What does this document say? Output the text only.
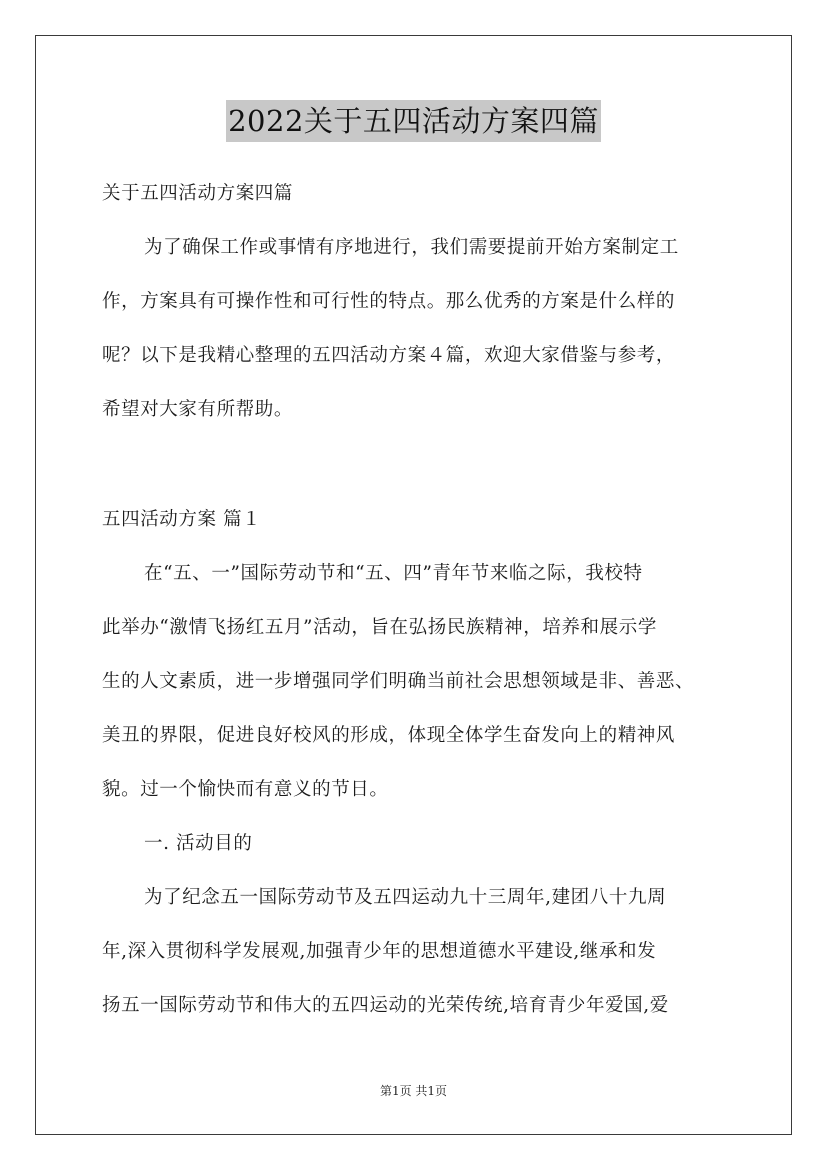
2022关于五四活动方案四篇
关于五四活动方案四篇
为了确保工作或事情有序地进行，我们需要提前开始方案制定工
作，方案具有可操作性和可行性的特点。那么优秀的方案是什么样的
呢？以下是我精心整理的五四活动方案４篇，欢迎大家借鉴与参考，
希望对大家有所帮助。
五四活动方案 篇１
在“五、一”国际劳动节和“五、四”青年节来临之际，我校特
此举办“激情飞扬红五月”活动，旨在弘扬民族精神，培养和展示学
生的人文素质，进一步增强同学们明确当前社会思想领域是非、善恶、
美丑的界限，促进良好校风的形成，体现全体学生奋发向上的精神风
貌。过一个愉快而有意义的节日。
一. 活动目的
为了纪念五一国际劳动节及五四运动九十三周年,建团八十九周
年,深入贯彻科学发展观,加强青少年的思想道德水平建设,继承和发
扬五一国际劳动节和伟大的五四运动的光荣传统,培育青少年爱国,爱
第1页 共1页
